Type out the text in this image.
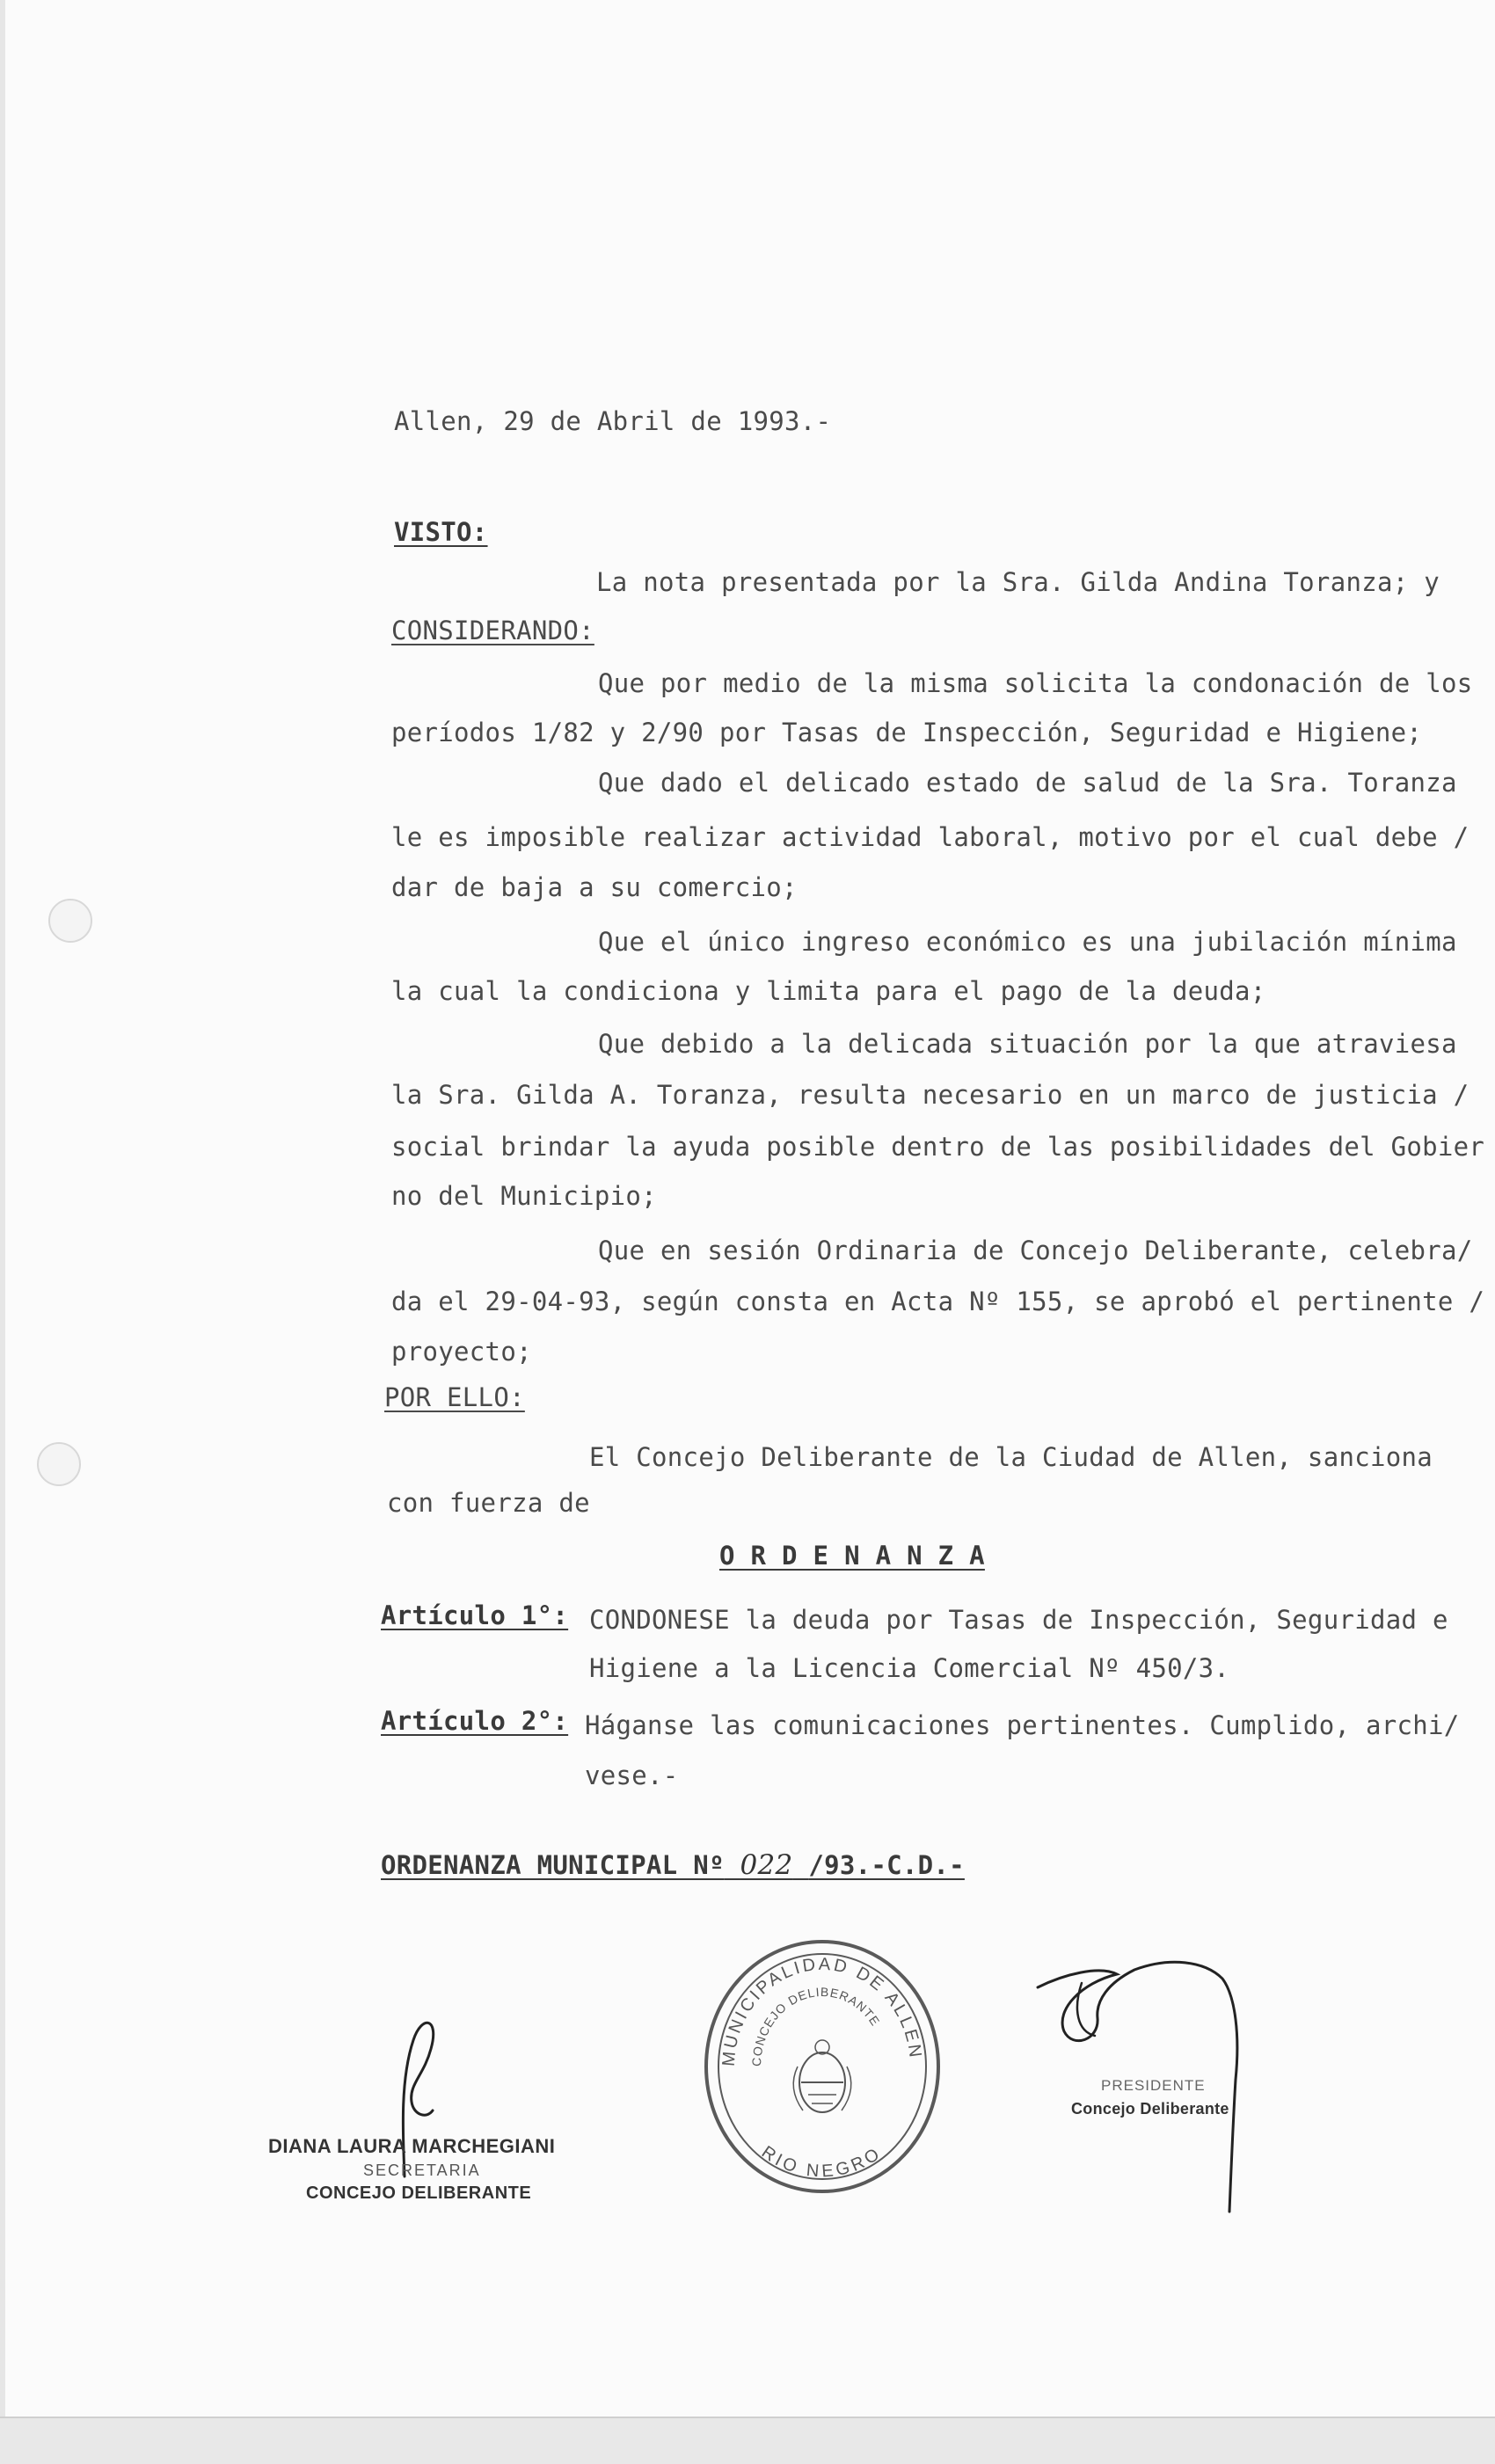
Allen, 29 de Abril de 1993.-
VISTO:
La nota presentada por la Sra. Gilda Andina Toranza; y
CONSIDERANDO:
Que por medio de la misma solicita la condonación de los
períodos 1/82 y 2/90 por Tasas de Inspección, Seguridad e Higiene;
Que dado el delicado estado de salud de la Sra. Toranza
le es imposible realizar actividad laboral, motivo por el cual debe /
dar de baja a su comercio;
Que el único ingreso económico es una jubilación mínima
la cual la condiciona y limita para el pago de la deuda;
Que debido a la delicada situación por la que atraviesa
la Sra. Gilda A. Toranza, resulta necesario en un marco de justicia /
social brindar la ayuda posible dentro de las posibilidades del Gobier
no del Municipio;
Que en sesión Ordinaria de Concejo Deliberante, celebra/
da el 29-04-93, según consta en Acta Nº 155, se aprobó el pertinente /
proyecto;
POR ELLO:
El Concejo Deliberante de la Ciudad de Allen, sanciona
con fuerza de
O R D E N A N Z A
Artículo 1°: CONDONESE la deuda por Tasas de Inspección, Seguridad e
Higiene a la Licencia Comercial Nº 450/3.
Artículo 2°: Háganse las comunicaciones pertinentes. Cumplido, archi/
vese.-
ORDENANZA MUNICIPAL Nº 022 /93.-C.D.-
MUNICIPALIDAD DE ALLEN
CONCEJO DELIBERANTE
RIO NEGRO
DIANA LAURA MARCHEGIANI
SECRETARIA
CONCEJO DELIBERANTE
PRESIDENTE
Concejo Deliberante
